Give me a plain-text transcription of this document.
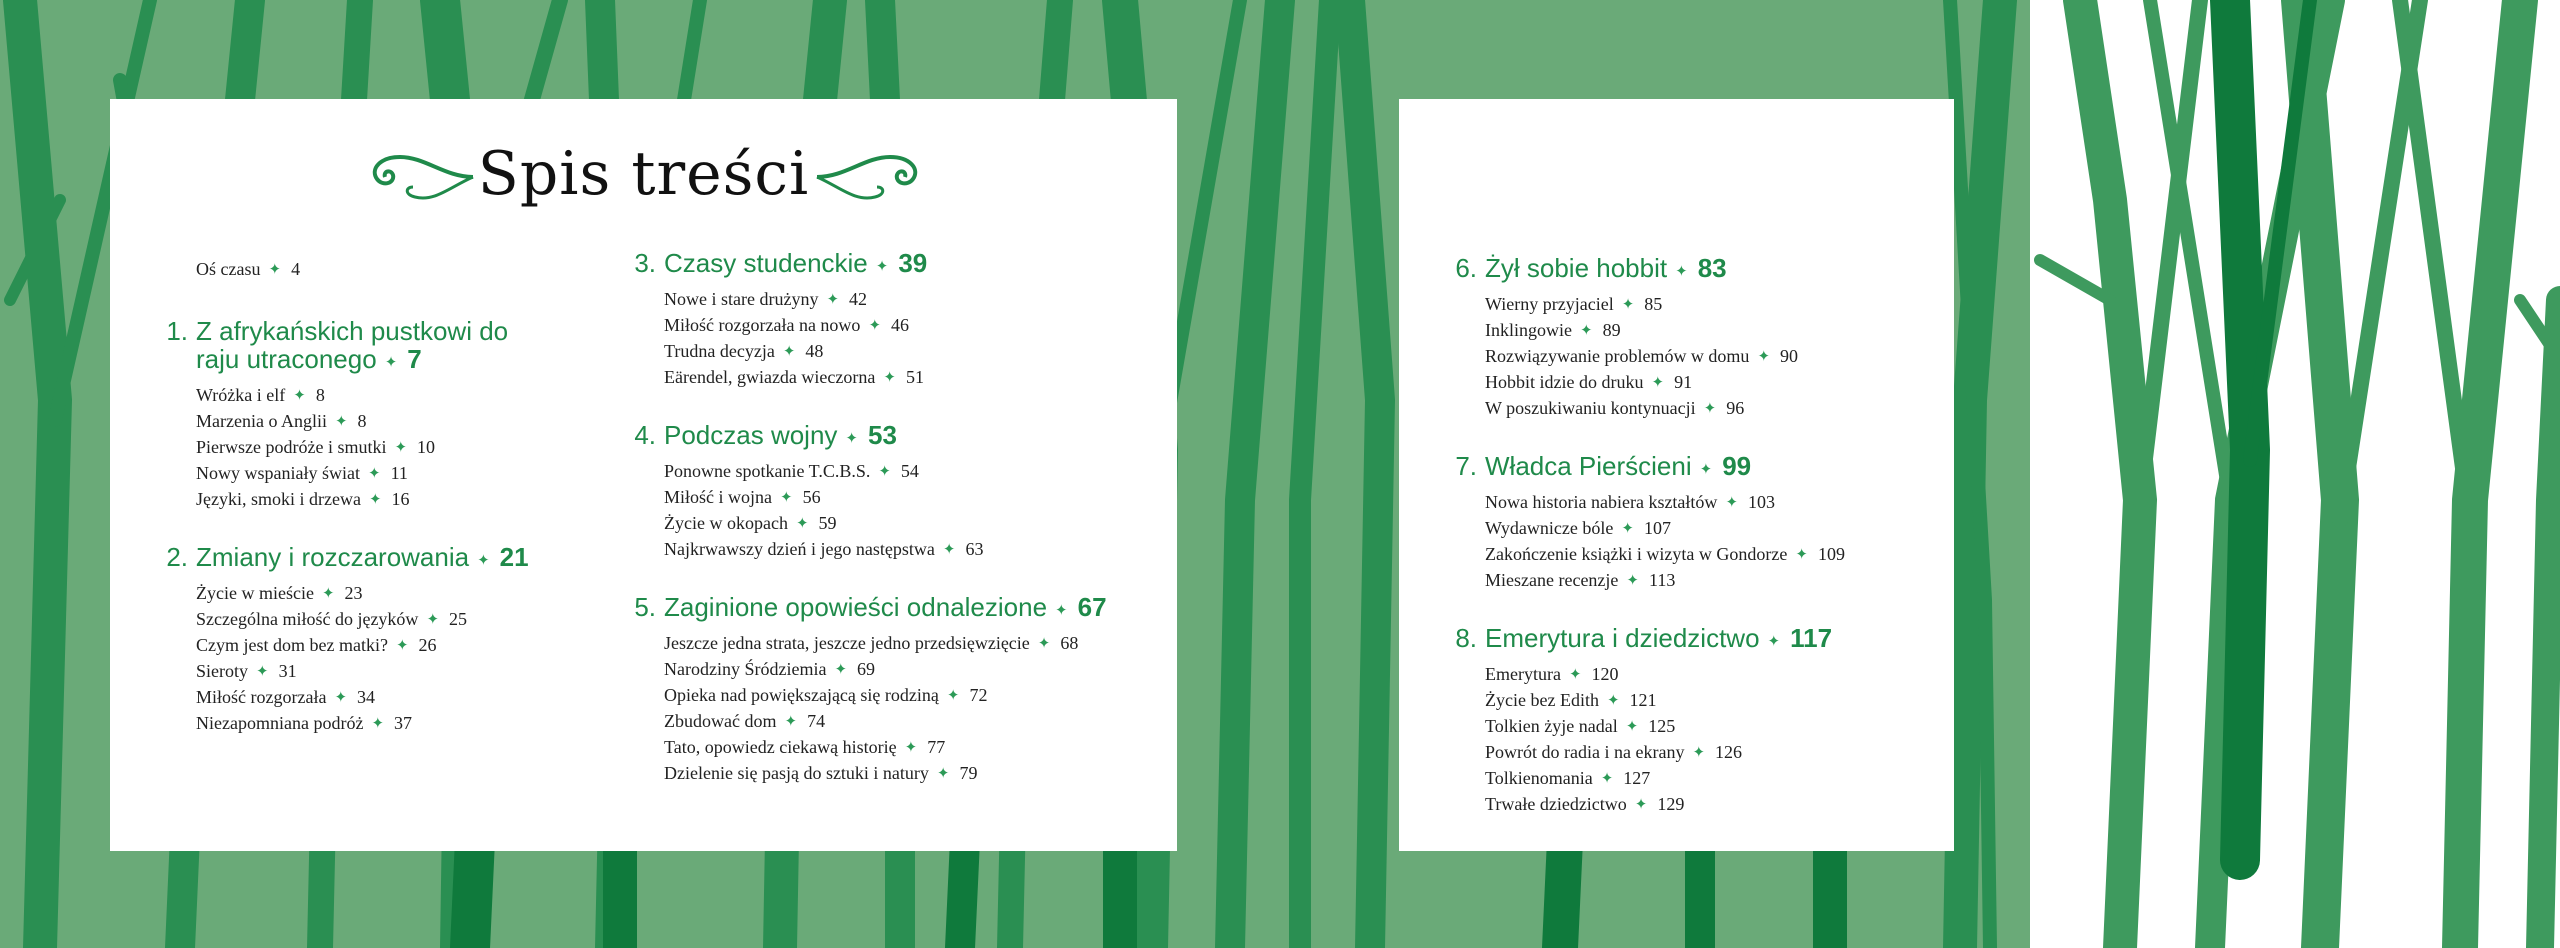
Spis treści
Oś czasu ✦ 4
1. Z afrykańskich pustkowi do
raju utraconego ✦ 7
Wróżka i elf ✦ 8
Marzenia o Anglii ✦ 8
Pierwsze podróże i smutki ✦ 10
Nowy wspaniały świat ✦ 11
Języki, smoki i drzewa ✦ 16
2. Zmiany i rozczarowania ✦ 21
Życie w mieście ✦ 23
Szczególna miłość do języków ✦ 25
Czym jest dom bez matki? ✦ 26
Sieroty ✦ 31
Miłość rozgorzała ✦ 34
Niezapomniana podróż ✦ 37
3. Czasy studenckie ✦ 39
Nowe i stare drużyny ✦ 42
Miłość rozgorzała na nowo ✦ 46
Trudna decyzja ✦ 48
Eärendel, gwiazda wieczorna ✦ 51
4. Podczas wojny ✦ 53
Ponowne spotkanie T.C.B.S. ✦ 54
Miłość i wojna ✦ 56
Życie w okopach ✦ 59
Najkrwawszy dzień i jego następstwa ✦ 63
5. Zaginione opowieści odnalezione ✦ 67
Jeszcze jedna strata, jeszcze jedno przedsięwzięcie ✦ 68
Narodziny Śródziemia ✦ 69
Opieka nad powiększającą się rodziną ✦ 72
Zbudować dom ✦ 74
Tato, opowiedz ciekawą historię ✦ 77
Dzielenie się pasją do sztuki i natury ✦ 79
6. Żył sobie hobbit ✦ 83
Wierny przyjaciel ✦ 85
Inklingowie ✦ 89
Rozwiązywanie problemów w domu ✦ 90
Hobbit idzie do druku ✦ 91
W poszukiwaniu kontynuacji ✦ 96
7. Władca Pierścieni ✦ 99
Nowa historia nabiera kształtów ✦ 103
Wydawnicze bóle ✦ 107
Zakończenie książki i wizyta w Gondorze ✦ 109
Mieszane recenzje ✦ 113
8. Emerytura i dziedzictwo ✦ 117
Emerytura ✦ 120
Życie bez Edith ✦ 121
Tolkien żyje nadal ✦ 125
Powrót do radia i na ekrany ✦ 126
Tolkienomania ✦ 127
Trwałe dziedzictwo ✦ 129
